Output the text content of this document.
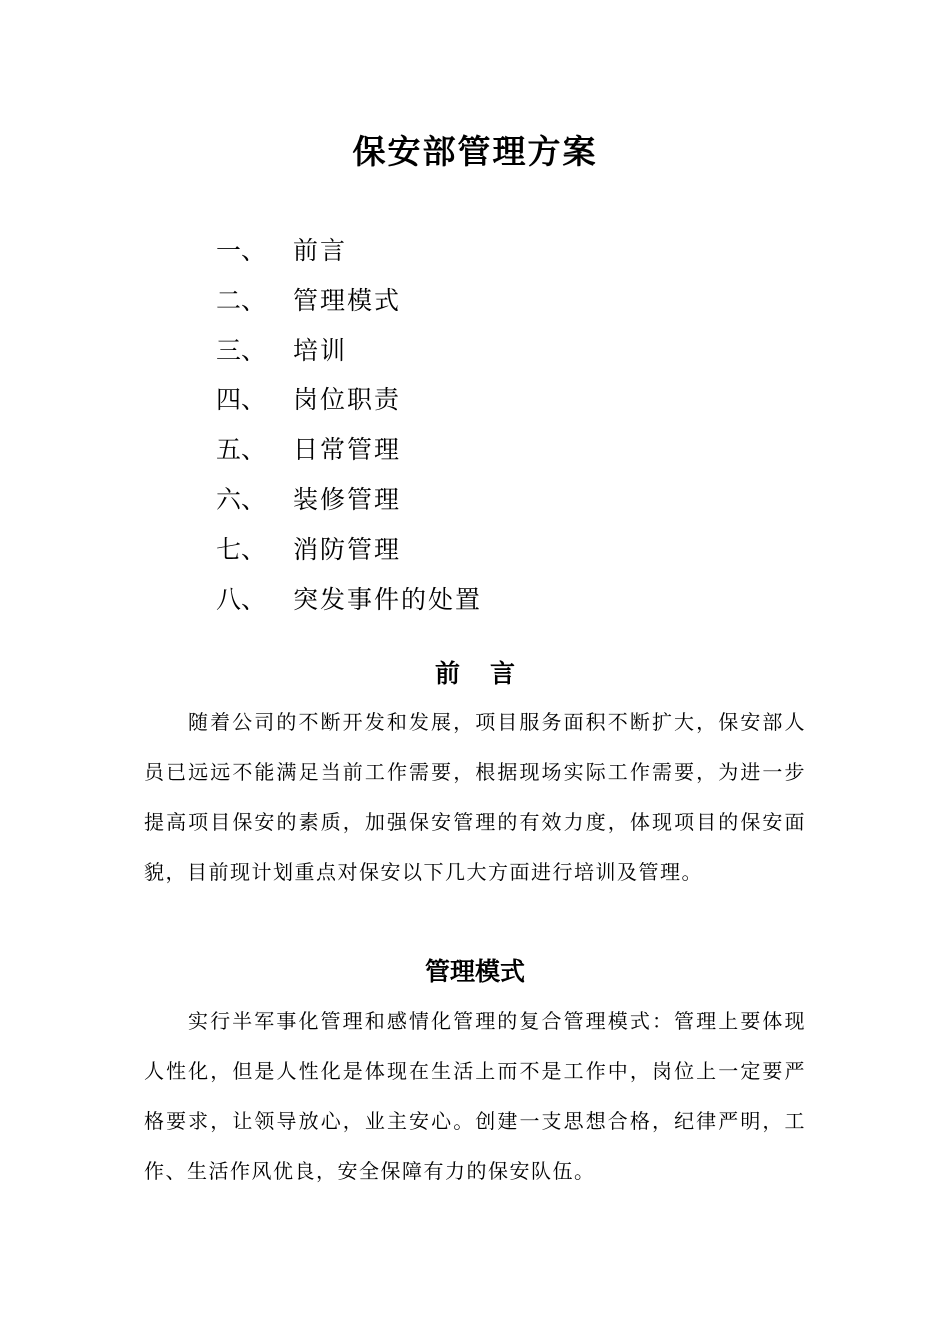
保安部管理方案
一、 前言
二、 管理模式
三、 培训
四、 岗位职责
五、 日常管理
六、 装修管理
七、 消防管理
八、 突发事件的处置
前言

随着公司的不断开发和发展，项目服务面积不断扩大，保安部人员已远远不能满足当前工作需要，根据现场实际工作需要，为进一步提高项目保安的素质，加强保安管理的有效力度，体现项目的保安面貌，目前现计划重点对保安以下几大方面进行培训及管理。

管理模式

实行半军事化管理和感情化管理的复合管理模式：管理上要体现人性化，但是人性化是体现在生活上而不是工作中，岗位上一定要严格要求，让领导放心，业主安心。创建一支思想合格，纪律严明，工作、生活作风优良，安全保障有力的保安队伍。
